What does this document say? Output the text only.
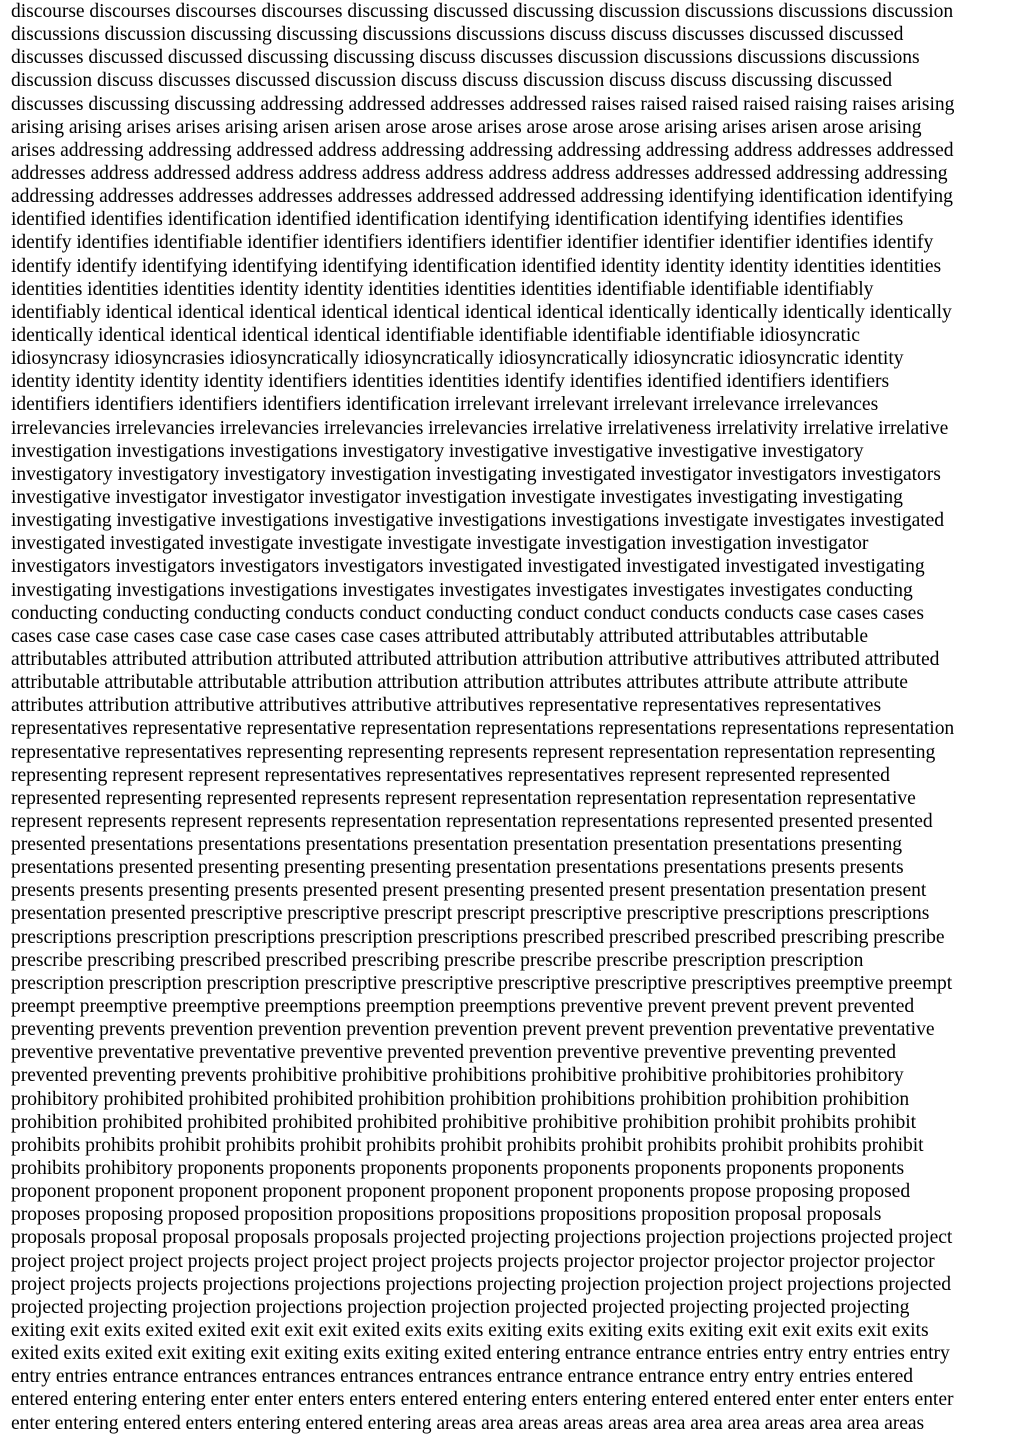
discourse discourses discourses discourses discussing discussed discussing discussion discussions discussions discussion
discussions discussion discussing discussing discussions discussions discuss discuss discusses discussed discussed
discusses discussed discussed discussing discussing discuss discusses discussion discussions discussions discussions
discussion discuss discusses discussed discussion discuss discuss discussion discuss discuss discussing discussed
discusses discussing discussing addressing addressed addresses addressed raises raised raised raised raising raises arising
arising arising arises arises arising arisen arisen arose arose arises arose arose arose arising arises arisen arose arising
arises addressing addressing addressed address addressing addressing addressing addressing address addresses addressed
addresses address addressed address address address address address address addresses addressed addressing addressing
addressing addresses addresses addresses addresses addressed addressed addressing identifying identification identifying
identified identifies identification identified identification identifying identification identifying identifies identifies
identify identifies identifiable identifier identifiers identifiers identifier identifier identifier identifier identifies identify
identify identify identifying identifying identifying identification identified identity identity identity identities identities
identities identities identities identity identity identities identities identities identifiable identifiable identifiably
identifiably identical identical identical identical identical identical identical identically identically identically identically
identically identical identical identical identical identifiable identifiable identifiable identifiable idiosyncratic
idiosyncrasy idiosyncrasies idiosyncratically idiosyncratically idiosyncratically idiosyncratic idiosyncratic identity
identity identity identity identity identifiers identities identities identify identifies identified identifiers identifiers
identifiers identifiers identifiers identifiers identification irrelevant irrelevant irrelevant irrelevance irrelevances
irrelevancies irrelevancies irrelevancies irrelevancies irrelevancies irrelative irrelativeness irrelativity irrelative irrelative
investigation investigations investigations investigatory investigative investigative investigative investigatory
investigatory investigatory investigatory investigation investigating investigated investigator investigators investigators
investigative investigator investigator investigator investigation investigate investigates investigating investigating
investigating investigative investigations investigative investigations investigations investigate investigates investigated
investigated investigated investigate investigate investigate investigate investigation investigation investigator
investigators investigators investigators investigators investigated investigated investigated investigated investigating
investigating investigations investigations investigates investigates investigates investigates investigates conducting
conducting conducting conducting conducts conduct conducting conduct conduct conducts conducts case cases cases
cases case case cases case case case cases case cases attributed attributably attributed attributables attributable
attributables attributed attribution attributed attributed attribution attribution attributive attributives attributed attributed
attributable attributable attributable attribution attribution attribution attributes attributes attribute attribute attribute
attributes attribution attributive attributives attributive attributives representative representatives representatives
representatives representative representative representation representations representations representations representation
representative representatives representing representing represents represent representation representation representing
representing represent represent representatives representatives representatives represent represented represented
represented representing represented represents represent representation representation representation representative
represent represents represent represents representation representation representations represented presented presented
presented presentations presentations presentations presentation presentation presentation presentations presenting
presentations presented presenting presenting presenting presentation presentations presentations presents presents
presents presents presenting presents presented present presenting presented present presentation presentation present
presentation presented prescriptive prescriptive prescript prescript prescriptive prescriptive prescriptions prescriptions
prescriptions prescription prescriptions prescription prescriptions prescribed prescribed prescribed prescribing prescribe
prescribe prescribing prescribed prescribed prescribing prescribe prescribe prescribe prescription prescription
prescription prescription prescription prescriptive prescriptive prescriptive prescriptive prescriptives preemptive preempt
preempt preemptive preemptive preemptions preemption preemptions preventive prevent prevent prevent prevented
preventing prevents prevention prevention prevention prevention prevent prevent prevention preventative preventative
preventive preventative preventative preventive prevented prevention preventive preventive preventing prevented
prevented preventing prevents prohibitive prohibitive prohibitions prohibitive prohibitive prohibitories prohibitory
prohibitory prohibited prohibited prohibited prohibition prohibition prohibitions prohibition prohibition prohibition
prohibition prohibited prohibited prohibited prohibited prohibitive prohibitive prohibition prohibit prohibits prohibit
prohibits prohibits prohibit prohibits prohibit prohibits prohibit prohibits prohibit prohibits prohibit prohibits prohibit
prohibits prohibitory proponents proponents proponents proponents proponents proponents proponents proponents
proponent proponent proponent proponent proponent proponent proponent proponents propose proposing proposed
proposes proposing proposed proposition propositions propositions propositions proposition proposal proposals
proposals proposal proposal proposals proposals projected projecting projections projection projections projected project
project project project projects project project project projects projects projector projector projector projector projector
project projects projects projections projections projections projecting projection projection project projections projected
projected projecting projection projections projection projection projected projected projecting projected projecting
exiting exit exits exited exited exit exit exit exited exits exits exiting exits exiting exits exiting exit exit exits exit exits
exited exits exited exit exiting exit exiting exits exiting exited entering entrance entrance entries entry entry entries entry
entry entries entrance entrances entrances entrances entrances entrance entrance entrance entry entry entries entered
entered entering entering enter enter enters enters entered entering enters entering entered entered enter enter enters enter
enter entering entered enters entering entered entering areas area areas areas areas area area area areas area area areas
